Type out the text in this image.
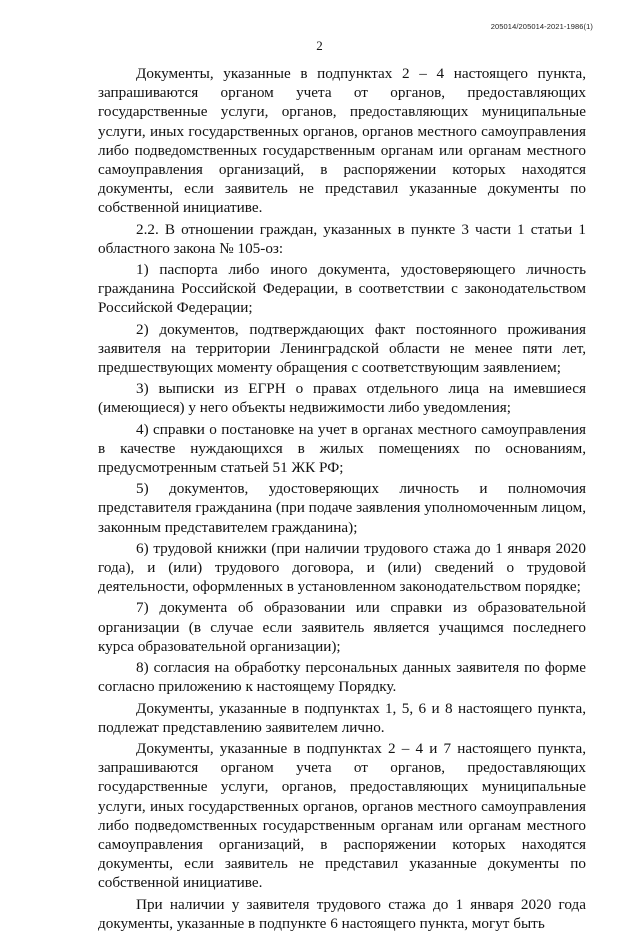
205014/205014-2021-1986(1)
2

Документы, указанные в подпунктах 2 – 4 настоящего пункта, запрашиваются органом учета от органов, предоставляющих государственные услуги, органов, предоставляющих муниципальные услуги, иных государственных органов, органов местного самоуправления либо подведомственных государственным органам или органам местного самоуправления организаций, в распоряжении которых находятся документы, если заявитель не представил указанные документы по собственной инициативе.

2.2. В отношении граждан, указанных в пункте 3 части 1 статьи 1 областного закона № 105-оз:

1) паспорта либо иного документа, удостоверяющего личность гражданина Российской Федерации, в соответствии с законодательством Российской Федерации;

2) документов, подтверждающих факт постоянного проживания заявителя на территории Ленинградской области не менее пяти лет, предшествующих моменту обращения с соответствующим заявлением;

3) выписки из ЕГРН о правах отдельного лица на имевшиеся (имеющиеся) у него объекты недвижимости либо уведомления;

4) справки о постановке на учет в органах местного самоуправления в качестве нуждающихся в жилых помещениях по основаниям, предусмотренным статьей 51 ЖК РФ;

5) документов, удостоверяющих личность и полномочия представителя гражданина (при подаче заявления уполномоченным лицом, законным представителем гражданина);

6) трудовой книжки (при наличии трудового стажа до 1 января 2020 года), и (или) трудового договора, и (или) сведений о трудовой деятельности, оформленных в установленном законодательством порядке;

7) документа об образовании или справки из образовательной организации (в случае если заявитель является учащимся последнего курса образовательной организации);

8) согласия на обработку персональных данных заявителя по форме согласно приложению к настоящему Порядку.

Документы, указанные в подпунктах 1, 5, 6 и 8 настоящего пункта, подлежат представлению заявителем лично.

Документы, указанные в подпунктах 2 – 4 и 7 настоящего пункта, запрашиваются органом учета от органов, предоставляющих государственные услуги, органов, предоставляющих муниципальные услуги, иных государственных органов, органов местного самоуправления либо подведомственных государственным органам или органам местного самоуправления организаций, в распоряжении которых находятся документы, если заявитель не представил указанные документы по собственной инициативе.

При наличии у заявителя трудового стажа до 1 января 2020 года документы, указанные в подпункте 6 настоящего пункта, могут быть
